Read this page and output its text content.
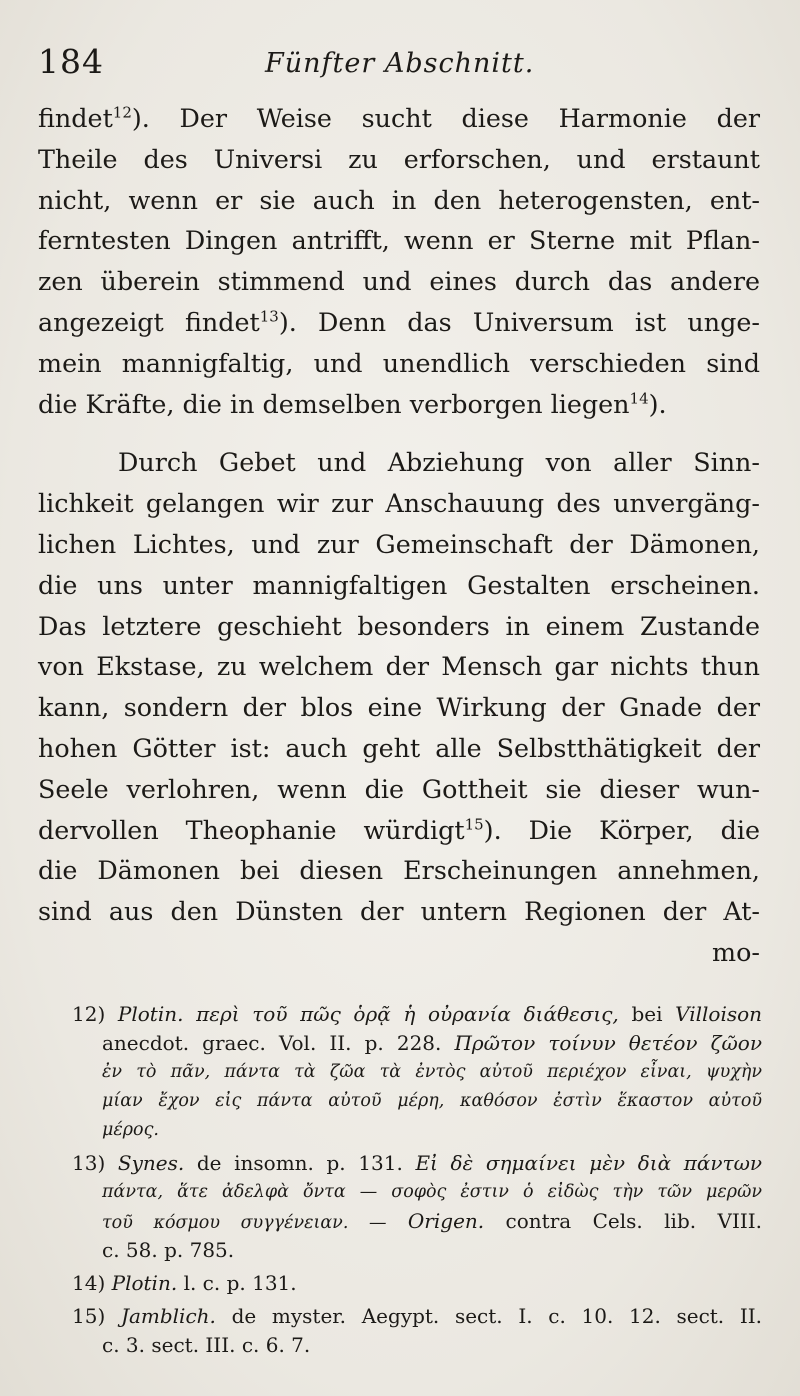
184	Fünfter Abschnitt.
findet$^{12}$). Der Weise sucht diese Harmonie der
Theile des Universi zu erforschen, und erstaunt
nicht, wenn er sie auch in den heterogensten, ent-
ferntesten Dingen antrifft, wenn er Sterne mit Pflan-
zen überein stimmend und eines durch das andere
angezeigt findet$^{13}$). Denn das Universum ist unge-
mein mannigfaltig, und unendlich verschieden sind
die Kräfte, die in demselben verborgen liegen$^{14}$).
Durch Gebet und Abziehung von aller Sinn-
lichkeit gelangen wir zur Anschauung des unvergäng-
lichen Lichtes, und zur Gemeinschaft der Dämonen,
die uns unter mannigfaltigen Gestalten erscheinen.
Das letztere geschieht besonders in einem Zustande
von Ekstase, zu welchem der Mensch gar nichts thun
kann, sondern der blos eine Wirkung der Gnade der
hohen Götter ist: auch geht alle Selbstthätigkeit der
Seele verlohren, wenn die Gottheit sie dieser wun-
dervollen Theophanie würdigt$^{15}$). Die Körper, die
die Dämonen bei diesen Erscheinungen annehmen,
sind aus den Dünsten der untern Regionen der At-
mo-
12) Plotin. περὶ τοῦ πῶς ὁρᾷ ἡ οὐρανία διάθεσις, bei Villoison
anecdot. graec. Vol. II. p. 228. Πρῶτον τοίνυν θετέον ζῶον
ἐν τὸ πᾶν, πάντα τὰ ζῶα τὰ ἐντὸς αὐτοῦ περιέχον εἶναι, ψυχὴν
μίαν ἔχον εἰς πάντα αὐτοῦ μέρη, καθόσον ἐστὶν ἕκαστον αὐτοῦ
μέρος.
13) Synes. de insomn. p. 131. Εἰ δὲ σημαίνει μὲν διὰ πάντων
πάντα, ἅτε ἀδελφὰ ὄντα — σοφὸς ἐστιν ὁ εἰδὼς τὴν τῶν μερῶν
τοῦ κόσμου συγγένειαν. — Origen. contra Cels. lib. VIII.
c. 58. p. 785.
14) Plotin. l. c. p. 131.
15) Jamblich. de myster. Aegypt. sect. I. c. 10. 12. sect. II.
c. 3. sect. III. c. 6. 7.
